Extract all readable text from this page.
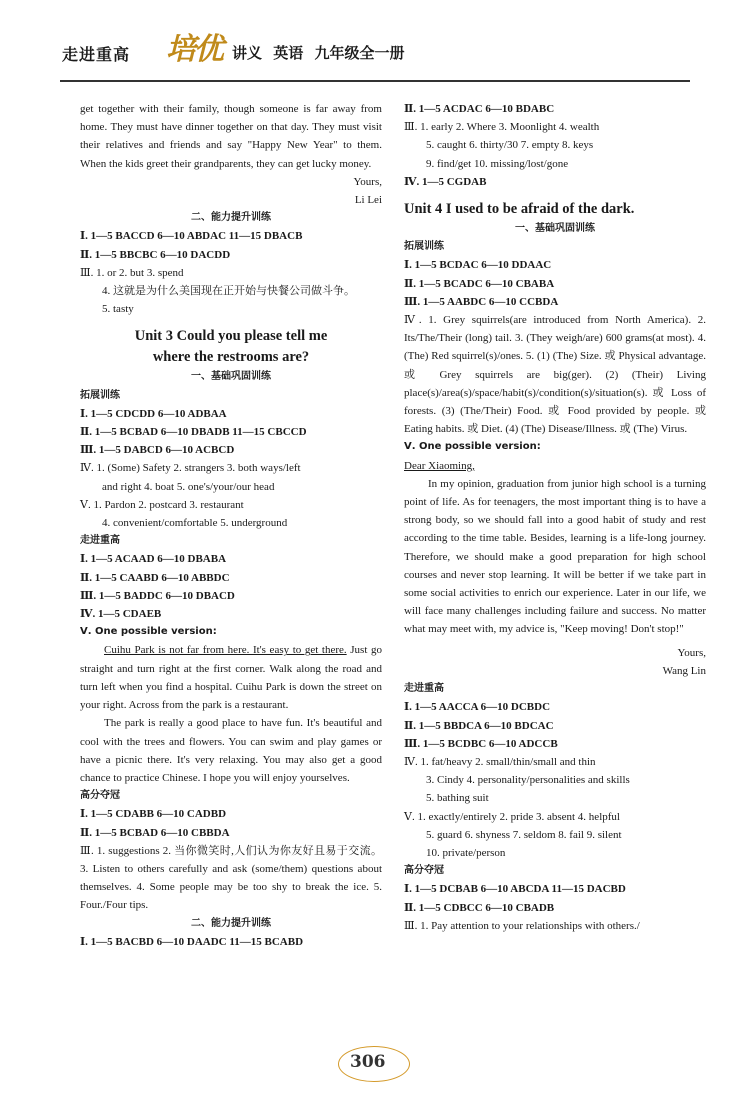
走进重高 培优 讲义 英语 九年级全一册

get together with their family, though someone is far away from home. They must have dinner together on that day. They must visit their relatives and friends and say "Happy New Year" to them. When the kids greet their grandparents, they can get lucky money.

Yours,

Li Lei

二、能力提升训练

Ⅰ. 1—5 BACCD 6—10 ABDAC 11—15 DBACB

Ⅱ. 1—5 BBCBC 6—10 DACDD

Ⅲ. 1. or 2. but 3. spend

4. 这就是为什么美国现在正开始与快餐公司做斗争。

5. tasty

Unit 3 Could you please tell me
where the restrooms are?

一、基础巩固训练

拓展训练

Ⅰ. 1—5 CDCDD 6—10 ADBAA

Ⅱ. 1—5 BCBAD 6—10 DBADB 11—15 CBCCD

Ⅲ. 1—5 DABCD 6—10 ACBCD

Ⅳ. 1. (Some) Safety 2. strangers 3. both ways/left

and right 4. boat 5. one's/your/our head

Ⅴ. 1. Pardon 2. postcard 3. restaurant

4. convenient/comfortable 5. underground

走进重高

Ⅰ. 1—5 ACAAD 6—10 DBABA

Ⅱ. 1—5 CAABD 6—10 ABBDC

Ⅲ. 1—5 BADDC 6—10 DBACD

Ⅳ. 1—5 CDAEB

Ⅴ. One possible version:

Cuihu Park is not far from here. It's easy to get there. Just go straight and turn right at the first corner. Walk along the road and turn left when you find a hospital. Cuihu Park is down the street on your right. Across from the park is a restaurant.

The park is really a good place to have fun. It's beautiful and cool with the trees and flowers. You can swim and play games or have a picnic there. It's very relaxing. You may also get a good chance to practice Chinese. I hope you will enjoy yourselves.

高分夺冠

Ⅰ. 1—5 CDABB 6—10 CADBD

Ⅱ. 1—5 BCBAD 6—10 CBBDA

Ⅲ. 1. suggestions 2. 当你微笑时,人们认为你友好且易于交流。 3. Listen to others carefully and ask (some/them) questions about themselves. 4. Some people may be too shy to break the ice. 5. Four./Four tips.

二、能力提升训练

Ⅰ. 1—5 BACBD 6—10 DAADC 11—15 BCABD

Ⅱ. 1—5 ACDAC 6—10 BDABC

Ⅲ. 1. early 2. Where 3. Moonlight 4. wealth

5. caught 6. thirty/30 7. empty 8. keys

9. find/get 10. missing/lost/gone

Ⅳ. 1—5 CGDAB

Unit 4 I used to be afraid of the dark.

一、基础巩固训练

拓展训练

Ⅰ. 1—5 BCDAC 6—10 DDAAC

Ⅱ. 1—5 BCADC 6—10 CBABA

Ⅲ. 1—5 AABDC 6—10 CCBDA

Ⅳ. 1. Grey squirrels(are introduced from North America). 2. Its/The/Their (long) tail. 3. (They weigh/are) 600 grams(at most). 4. (The) Red squirrel(s)/ones. 5. (1) (The) Size. 或 Physical advantage. 或 Grey squirrels are big(ger). (2) (Their) Living place(s)/area(s)/space/habit(s)/condition(s)/situation(s). 或 Loss of forests. (3) (The/Their) Food. 或 Food provided by people. 或 Eating habits. 或 Diet. (4) (The) Disease/Illness. 或 (The) Virus.

Ⅴ. One possible version:

Dear Xiaoming,

In my opinion, graduation from junior high school is a turning point of life. As for teenagers, the most important thing is to have a strong body, so we should fall into a good habit of study and rest according to the time table. Besides, learning is a life-long journey. Therefore, we should make a good preparation for high school courses and never stop learning. It will be better if we take part in some social activities to enrich our experience. Later in our life, we will face many challenges including failure and success. No matter what may meet with, my advice is, "Keep moving! Don't stop!"

Yours,

Wang Lin

走进重高

Ⅰ. 1—5 AACCA 6—10 DCBDC

Ⅱ. 1—5 BBDCA 6—10 BDCAC

Ⅲ. 1—5 BCDBC 6—10 ADCCB

Ⅳ. 1. fat/heavy 2. small/thin/small and thin

3. Cindy 4. personality/personalities and skills

5. bathing suit

Ⅴ. 1. exactly/entirely 2. pride 3. absent 4. helpful

5. guard 6. shyness 7. seldom 8. fail 9. silent

10. private/person

高分夺冠

Ⅰ. 1—5 DCBAB 6—10 ABCDA 11—15 DACBD

Ⅱ. 1—5 CDBCC 6—10 CBADB

Ⅲ. 1. Pay attention to your relationships with others./

306
